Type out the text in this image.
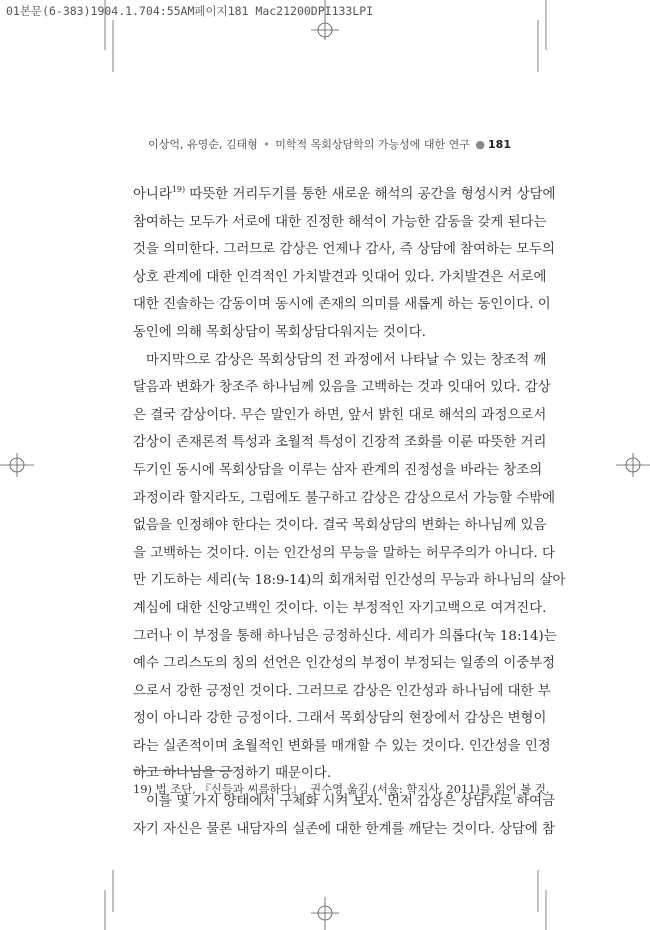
01본문(6-383)1904.1.704:55AM페이지181 Mac21200DPI133LPI
이상억, 유영순, 김태형 • 미학적 목회상담학의 가능성에 대한 연구 ● 181
아니라$^{19)}$ 따뜻한 거리두기를 통한 새로운 해석의 공간을 형성시켜 상담에
참여하는 모두가 서로에 대한 진정한 해석이 가능한 감동을 갖게 된다는
것을 의미한다. 그러므로 감상은 언제나 감사, 즉 상담에 참여하는 모두의
상호 관계에 대한 인격적인 가치발견과 잇대어 있다. 가치발견은 서로에
대한 진솔하는 감동이며 동시에 존재의 의미를 새롭게 하는 동인이다. 이
동인에 의해 목회상담이 목회상담다워지는 것이다.
마지막으로 감상은 목회상담의 전 과정에서 나타날 수 있는 창조적 깨
달음과 변화가 창조주 하나님께 있음을 고백하는 것과 잇대어 있다. 감상
은 결국 감상이다. 무슨 말인가 하면, 앞서 밝힌 대로 해석의 과정으로서
감상이 존재론적 특성과 초월적 특성이 긴장적 조화를 이룬 따뜻한 거리
두기인 동시에 목회상담을 이루는 삼자 관계의 진정성을 바라는 창조의
과정이라 할지라도, 그럼에도 불구하고 감상은 감상으로서 가능할 수밖에
없음을 인정해야 한다는 것이다. 결국 목회상담의 변화는 하나님께 있음
을 고백하는 것이다. 이는 인간성의 무능을 말하는 허무주의가 아니다. 다
만 기도하는 세리(눅 18:9-14)의 회개처럼 인간성의 무능과 하나님의 살아
계심에 대한 신앙고백인 것이다. 이는 부정적인 자기고백으로 여겨진다.
그러나 이 부정을 통해 하나님은 긍정하신다. 세리가 의롭다(눅 18:14)는
예수 그리스도의 칭의 선언은 인간성의 부정이 부정되는 일종의 이중부정
으로서 강한 긍정인 것이다. 그러므로 감상은 인간성과 하나님에 대한 부
정이 아니라 강한 긍정이다. 그래서 목회상담의 현장에서 감상은 변형이
라는 실존적이며 초월적인 변화를 매개할 수 있는 것이다. 인간성을 인정
하고 하나님을 긍정하기 때문이다.
이를 몇 가지 양태에서 구체화 시켜 보자. 먼저 감상은 상담자로 하여금
자기 자신은 물론 내담자의 실존에 대한 한계를 깨닫는 것이다. 상담에 참
19) 법 조단, 『신들과 씨름하다』, 권수영 옮김 (서울: 학지사, 2011)를 읽어 볼 것.
